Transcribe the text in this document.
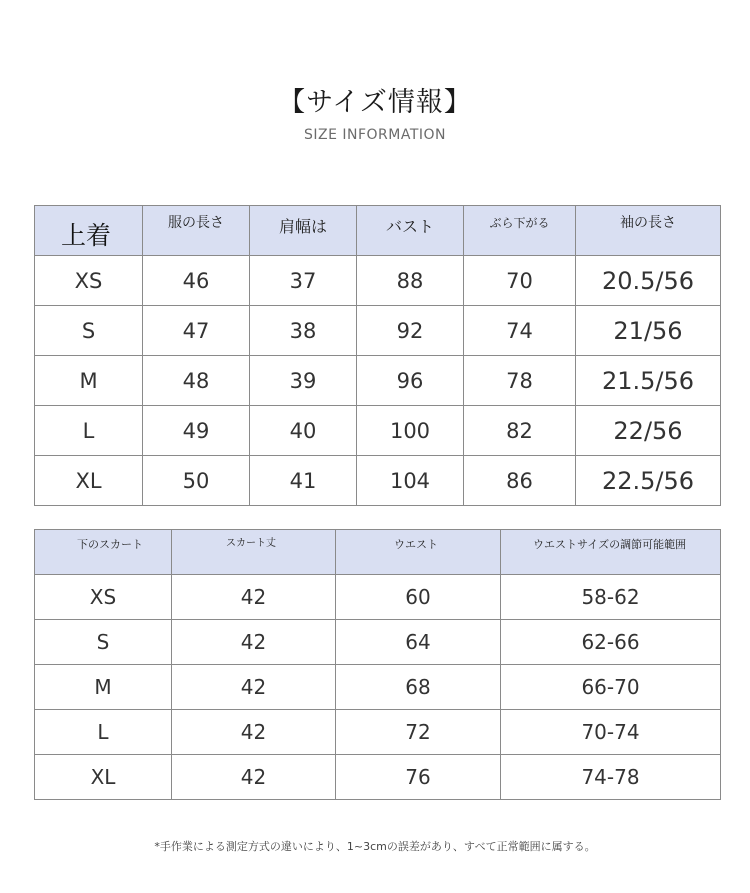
【サイズ情報】
SIZE INFORMATION
上着	服の長さ	肩幅は	バスト	ぶら下がる	袖の長さ
XS	46	37	88	70	20.5/56
S	47	38	92	74	21/56
M	48	39	96	78	21.5/56
L	49	40	100	82	22/56
XL	50	41	104	86	22.5/56
下のスカート	スカート丈	ウエスト	ウエストサイズの調節可能範囲
XS	42	60	58-62
S	42	64	62-66
M	42	68	66-70
L	42	72	70-74
XL	42	76	74-78
*手作業による測定方式の違いにより、1~3cmの誤差があり、すべて正常範囲に属する。
